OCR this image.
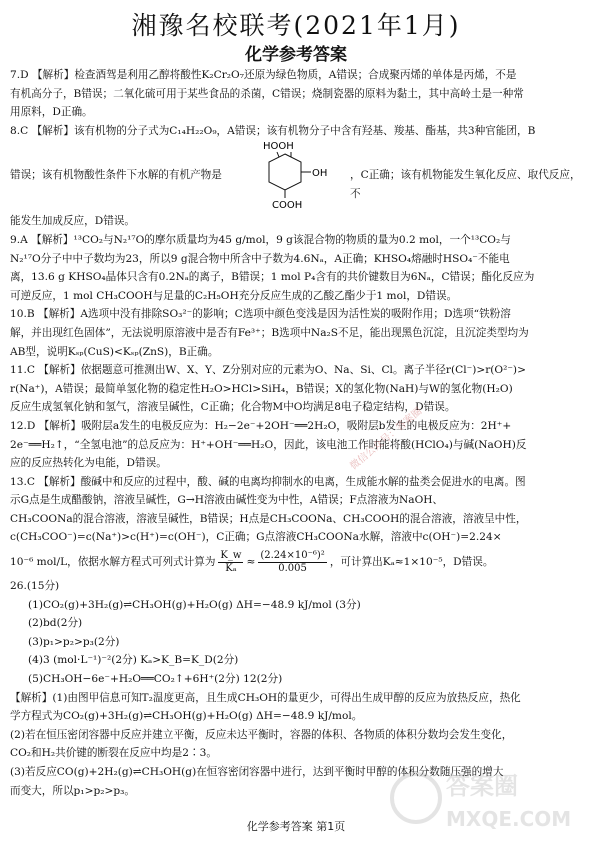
湘豫名校联考(2021年1月)
化学参考答案

7.D 【解析】检查酒驾是利用乙醇将酸性K₂Cr₂O₇还原为绿色物质，A错误；合成聚丙烯的单体是丙烯，不是

有机高分子，B错误；二氧化硫可用于某些食品的杀菌，C错误；烧制瓷器的原料为黏土，其中高岭土是一种常

用原料，D正确。

8.C 【解析】该有机物的分子式为C₁₄H₂₂O₉，A错误；该有机物分子中含有羟基、羧基、酯基，共3种官能团，B

错误；该有机物酸性条件下水解的有机产物是
HOOH
OH
COOH
，C正确；该有机物能发生氧化反应、取代反应，不

能发生加成反应，D错误。

9.A 【解析】¹³CO₂与N₂¹⁷O的摩尔质量均为45 g/mol，9 g该混合物的物质的量为0.2 mol，一个¹³CO₂与

N₂¹⁷O分子中中子数均为23，所以9 g混合物中所含中子数为4.6Nₐ，A正确；KHSO₄熔融时HSO₄⁻不能电

离，13.6 g KHSO₄晶体只含有0.2Nₐ的离子，B错误；1 mol P₄含有的共价键数目为6Nₐ，C错误；酯化反应为

可逆反应，1 mol CH₃COOH与足量的C₂H₅OH充分反应生成的乙酸乙酯少于1 mol，D错误。

10.B 【解析】A选项中没有排除SO₃²⁻的影响；C选项中颜色变浅是因为活性炭的吸附作用；D选项“铁粉溶

解，并出现红色固体”，无法说明原溶液中是否有Fe³⁺；B选项中Na₂S不足，能出现黑色沉淀，且沉淀类型均为

AB型，说明Kₛₚ(CuS)<Kₛₚ(ZnS)，B正确。

11.C 【解析】依据题意可推测出W、X、Y、Z分别对应的元素为O、Na、Si、Cl。离子半径r(Cl⁻)>r(O²⁻)>

r(Na⁺)，A错误；最简单氢化物的稳定性H₂O>HCl>SiH₄，B错误；X的氢化物(NaH)与W的氢化物(H₂O)

反应生成氢氧化钠和氢气，溶液呈碱性，C正确；化合物M中O均满足8电子稳定结构，D错误。

12.D 【解析】吸附层a发生的电极反应为：H₂−2e⁻+2OH⁻══2H₂O，吸附层b发生的电极反应为：2H⁺+

2e⁻══H₂↑，“全氢电池”的总反应为：H⁺+OH⁻══H₂O，因此，该电池工作时能将酸(HClO₄)与碱(NaOH)反

应的反应热转化为电能，D错误。

13.C 【解析】酸碱中和反应的过程中，酸、碱的电离均抑制水的电离，生成能水解的盐类会促进水的电离。图

示G点是生成醋酸钠，溶液呈碱性，G→H溶液由碱性变为中性，A错误；F点溶液为NaOH、

CH₃COONa的混合溶液，溶液呈碱性，B错误；H点是CH₃COONa、CH₃COOH的混合溶液，溶液呈中性，

c(CH₃COO⁻)=c(Na⁺)>c(H⁺)=c(OH⁻)，C正确；G点溶液CH₃COONa水解，溶液中c(OH⁻)=2.24×

10⁻⁶ mol/L，依据水解方程式可列式计算为 $\frac{K\_w}{\text{Kₐ}} \approx \frac{\text{(2.24×10⁻⁶)²}}{0.005}$ ，可计算出Kₐ≈1×10⁻⁵，D错误。

26.(15分)

(1)CO₂(g)+3H₂(g)⇌CH₃OH(g)+H₂O(g) ΔH=−48.9 kJ/mol (3分)

(2)bd(2分)

(3)p₁>p₂>p₃(2分)

(4)3 (mol·L⁻¹)⁻²(2分) Kₐ>K_B=K_D(2分)

(5)CH₃OH−6e⁻+H₂O══CO₂↑+6H⁺(2分) 12(2分)

【解析】(1)由图甲信息可知T₂温度更高，且生成CH₃OH的量更少，可得出生成甲醇的反应为放热反应，热化

学方程式为CO₂(g)+3H₂(g)⇌CH₃OH(g)+H₂O(g) ΔH=−48.9 kJ/mol。

(2)若在恒压密闭容器中反应并建立平衡，反应未达平衡时，容器的体积、各物质的体积分数均会发生变化，

CO₂和H₂共价键的断裂在反应中均是2∶3。

(3)若反应CO(g)+2H₂(g)⇌CH₃OH(g)在恒容密闭容器中进行，达到平衡时甲醇的体积分数随压强的增大

而变大，所以p₁>p₂>p₃。

微信公众号：答案圈
答案圈
MXQE.COM
化学参考答案 第1页
